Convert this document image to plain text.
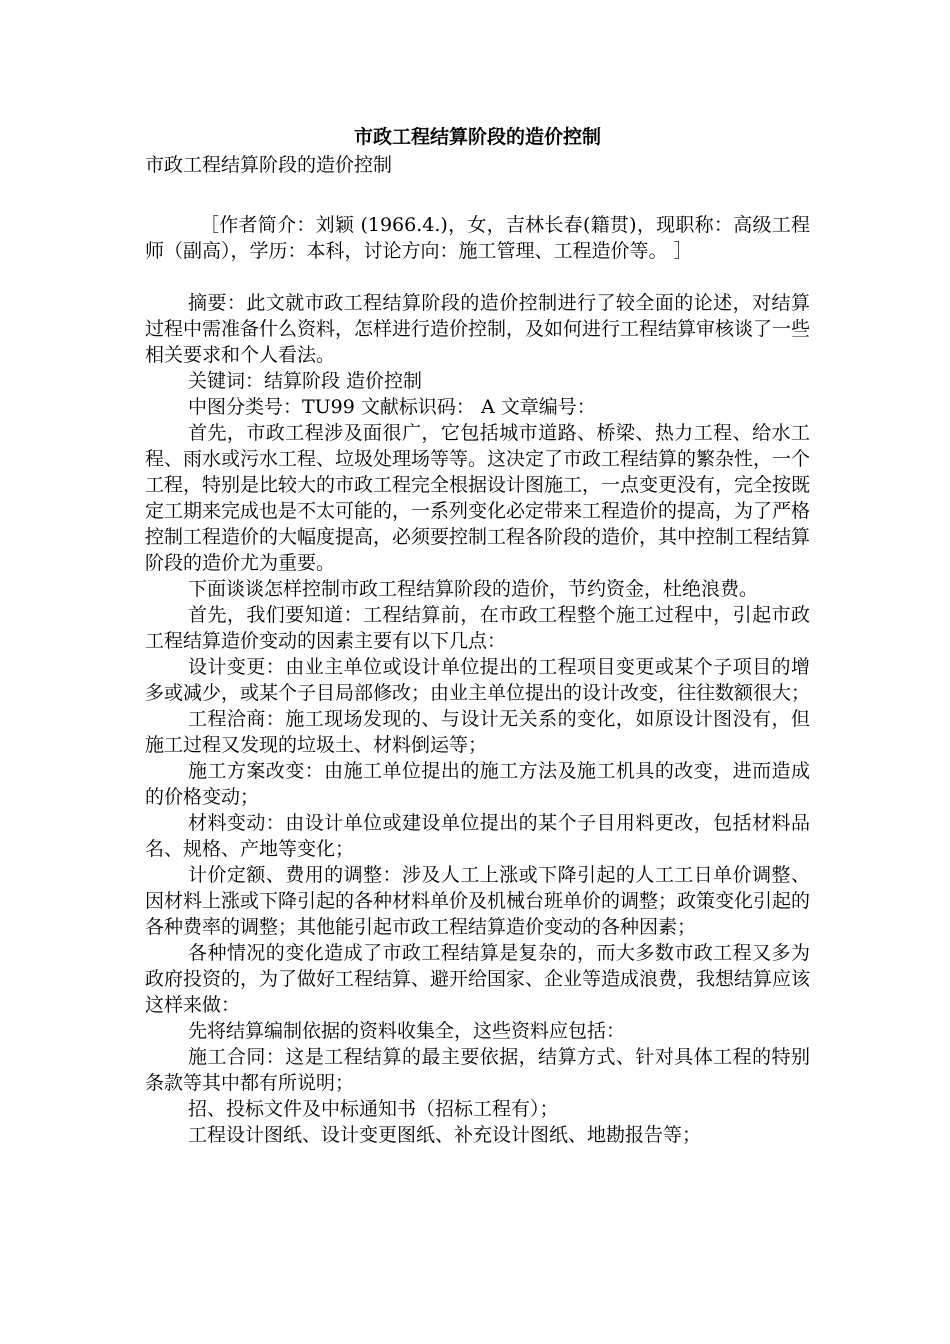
市政工程结算阶段的造价控制

市政工程结算阶段的造价控制

［作者简介：刘颖 (1966.4.)，女，吉林长春(籍贯)，现职称：高级工程师（副高），学历：本科，讨论方向：施工管理、工程造价等。 ］

摘要：此文就市政工程结算阶段的造价控制进行了较全面的论述，对结算过程中需准备什么资料，怎样进行造价控制，及如何进行工程结算审核谈了一些相关要求和个人看法。

关键词：结算阶段 造价控制

中图分类号：TU99 文献标识码： A 文章编号：

首先，市政工程涉及面很广，它包括城市道路、桥梁、热力工程、给水工程、雨水或污水工程、垃圾处理场等等。这决定了市政工程结算的繁杂性，一个工程，特别是比较大的市政工程完全根据设计图施工，一点变更没有，完全按既定工期来完成也是不太可能的，一系列变化必定带来工程造价的提高，为了严格控制工程造价的大幅度提高，必须要控制工程各阶段的造价，其中控制工程结算阶段的造价尤为重要。

下面谈谈怎样控制市政工程结算阶段的造价，节约资金，杜绝浪费。

首先，我们要知道：工程结算前，在市政工程整个施工过程中，引起市政工程结算造价变动的因素主要有以下几点：

设计变更：由业主单位或设计单位提出的工程项目变更或某个子项目的增多或减少，或某个子目局部修改；由业主单位提出的设计改变，往往数额很大；

工程洽商：施工现场发现的、与设计无关系的变化，如原设计图没有，但施工过程又发现的垃圾土、材料倒运等；

施工方案改变：由施工单位提出的施工方法及施工机具的改变，进而造成的价格变动；

材料变动：由设计单位或建设单位提出的某个子目用料更改，包括材料品名、规格、产地等变化；

计价定额、费用的调整：涉及人工上涨或下降引起的人工工日单价调整、因材料上涨或下降引起的各种材料单价及机械台班单价的调整；政策变化引起的各种费率的调整；其他能引起市政工程结算造价变动的各种因素；

各种情况的变化造成了市政工程结算是复杂的，而大多数市政工程又多为政府投资的，为了做好工程结算、避开给国家、企业等造成浪费，我想结算应该这样来做：

先将结算编制依据的资料收集全，这些资料应包括：

施工合同：这是工程结算的最主要依据，结算方式、针对具体工程的特别条款等其中都有所说明；

招、投标文件及中标通知书（招标工程有）；

工程设计图纸、设计变更图纸、补充设计图纸、地勘报告等；
